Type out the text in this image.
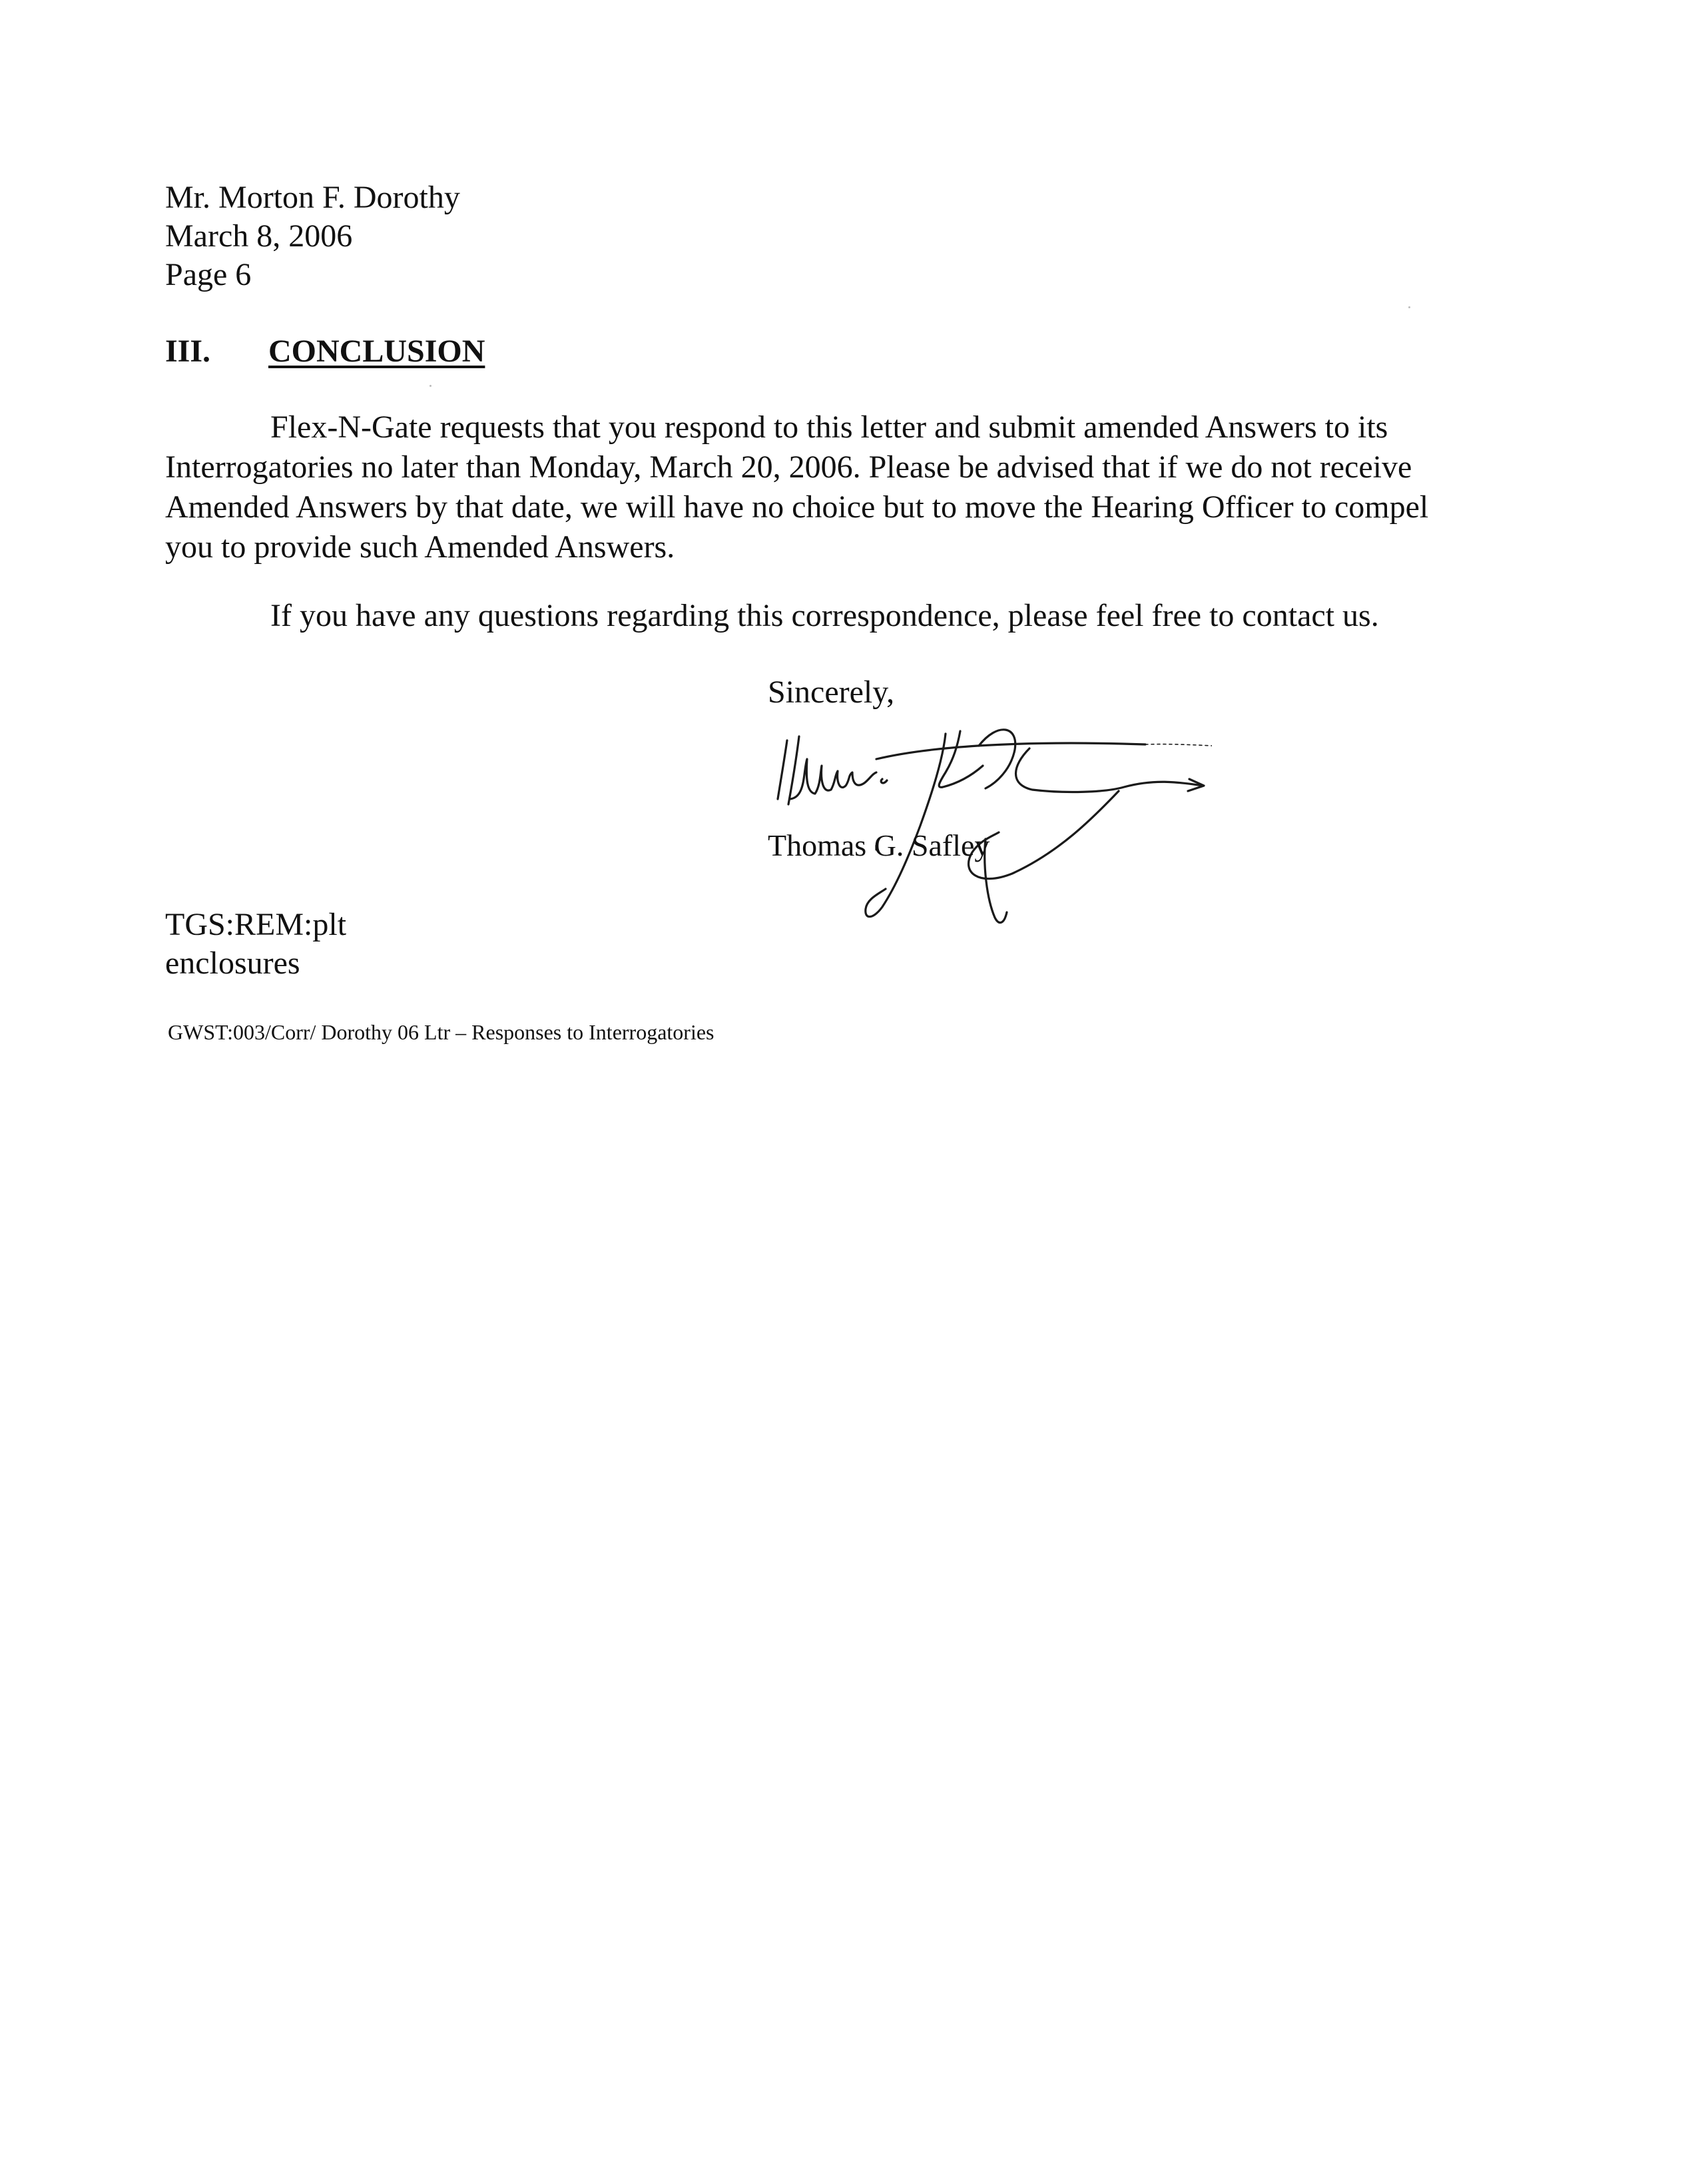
Mr. Morton F. Dorothy
March 8, 2006
Page 6
III. CONCLUSION

Flex-N-Gate requests that you respond to this letter and submit amended Answers to its Interrogatories no later than Monday, March 20, 2006. Please be advised that if we do not receive Amended Answers by that date, we will have no choice but to move the Hearing Officer to compel you to provide such Amended Answers.

If you have any questions regarding this correspondence, please feel free to contact us.

Sincerely,
Thomas G. Safley
TGS:REM:plt
enclosures
GWST:003/Corr/ Dorothy 06 Ltr – Responses to Interrogatories
